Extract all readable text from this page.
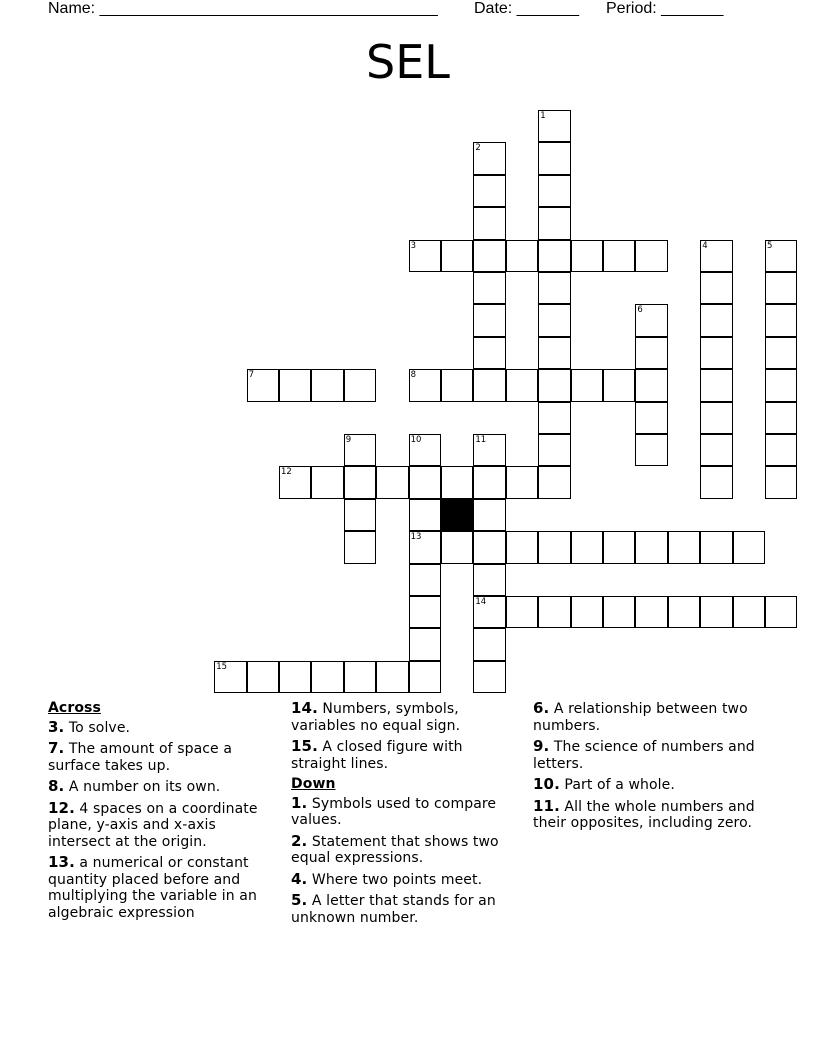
Name: ______________________________________ Date: _______ Period: _______
SEL
1
2
3	4	5
6
7	8
9	10	11
12
13
14
15
Across
3. To solve.
7. The amount of space a surface takes up.
8. A number on its own.
12. 4 spaces on a coordinate plane, y-axis and x-axis intersect at the origin.
13. a numerical or constant quantity placed before and multiplying the variable in an algebraic expression
14. Numbers, symbols, variables no equal sign.
15. A closed figure with straight lines.
Down
1. Symbols used to compare values.
2. Statement that shows two equal expressions.
4. Where two points meet.
5. A letter that stands for an unknown number.
6. A relationship between two numbers.
9. The science of numbers and letters.
10. Part of a whole.
11. All the whole numbers and their opposites, including zero.
